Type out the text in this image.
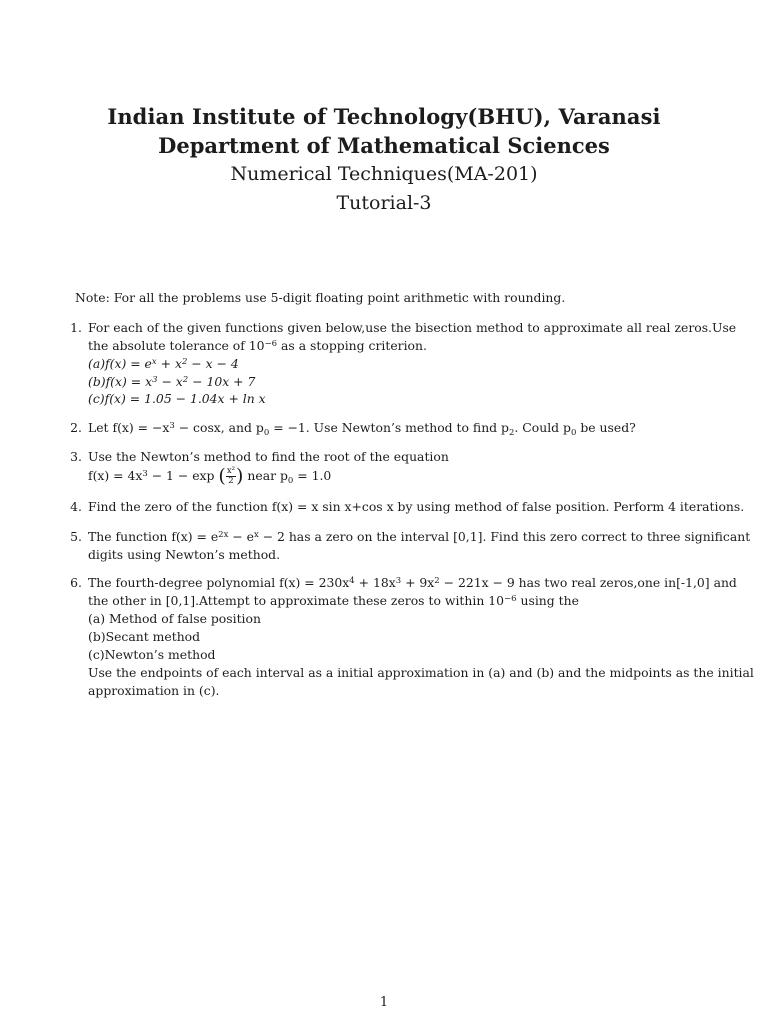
Indian Institute of Technology(BHU), Varanasi
Department of Mathematical Sciences
Numerical Techniques(MA-201)
Tutorial-3
Note: For all the problems use 5-digit floating point arithmetic with rounding.
1. For each of the given functions given below,use the bisection method to approximate all real zeros.Use
the absolute tolerance of $10^{-6}$ as a stopping criterion.
$(a)f(x) = e^x + x^2 - x - 4$
$(b)f(x) = x^3 - x^2 - 10x + 7$
(c)f(x) = 1.05 − 1.04x + ln x
2. Let $f(x) = -x^3 - \cos x$, and $p_0 = -1$. Use Newton’s method to find $p_2$. Could $p_0$ be used?
3. Use the Newton’s method to find the root of the equation
$f(x) = 4x^3 - 1 - \exp$ ( $\frac{\text{x²}}{2}$ ) near $p_0 = 1.0$
4. Find the zero of the function f(x) = x sin x+cos x by using method of false position. Perform 4 iterations.
5. The function $f(x) = e^{2x} - e^x - 2$ has a zero on the interval [0,1]. Find this zero correct to three significant
digits using Newton’s method.
6. The fourth-degree polynomial $f(x) = 230x^4 + 18x^3 + 9x^2 - 221x - 9$ has two real zeros,one in[-1,0] and
the other in [0,1].Attempt to approximate these zeros to within $10^{-6}$ using the
(a) Method of false position
(b)Secant method
(c)Newton’s method
Use the endpoints of each interval as a initial approximation in (a) and (b) and the midpoints as the initial
approximation in (c).
1
